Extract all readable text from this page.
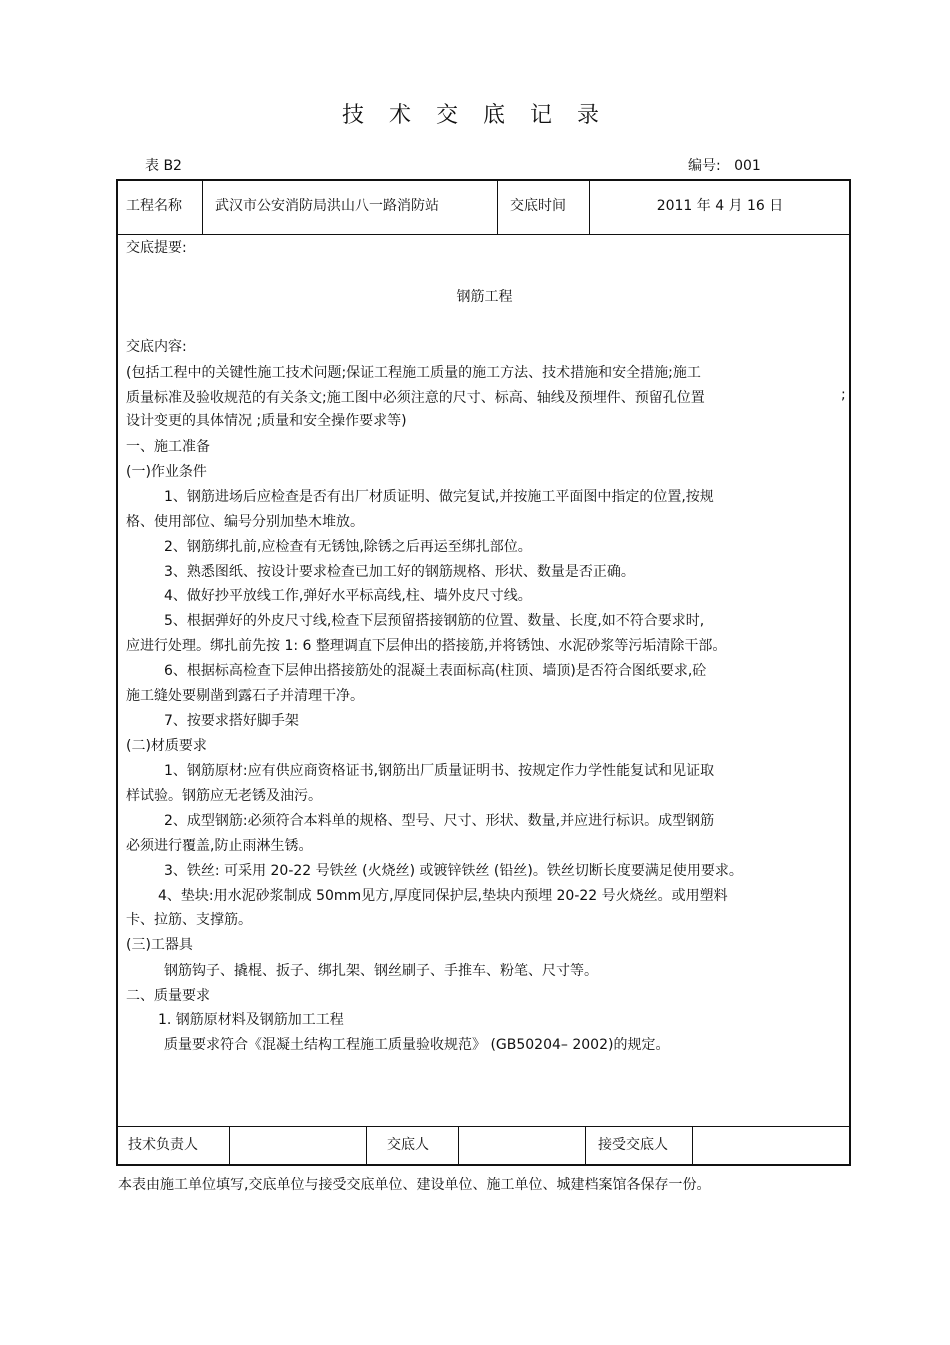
技 术 交 底 记 录
表 B2	编号: 001
工程名称 武汉市公安消防局洪山八一路消防站	交底时间	2011 年 4 月 16 日
交底提要:
钢筋工程
交底内容:
(包括工程中的关键性施工技术问题;保证工程施工质量的施工方法、技术措施和安全措施;施工
质量标准及验收规范的有关条文;施工图中必须注意的尺寸、标高、轴线及预埋件、预留孔位置	;
设计变更的具体情况 ;质量和安全操作要求等)
一、施工准备
(一)作业条件
1、钢筋进场后应检查是否有出厂材质证明、做完复试,并按施工平面图中指定的位置,按规
格、使用部位、编号分别加垫木堆放。
2、钢筋绑扎前,应检查有无锈蚀,除锈之后再运至绑扎部位。
3、熟悉图纸、按设计要求检查已加工好的钢筋规格、形状、数量是否正确。
4、做好抄平放线工作,弹好水平标高线,柱、墙外皮尺寸线。
5、根据弹好的外皮尺寸线,检查下层预留搭接钢筋的位置、数量、长度,如不符合要求时,
应进行处理。绑扎前先按 1: 6 整理调直下层伸出的搭接筋,并将锈蚀、水泥砂浆等污垢清除干部。
6、根据标高检查下层伸出搭接筋处的混凝土表面标高(柱顶、墙顶)是否符合图纸要求,砼
施工缝处要剔凿到露石子并清理干净。
7、按要求搭好脚手架
(二)材质要求
1、钢筋原材:应有供应商资格证书,钢筋出厂质量证明书、按规定作力学性能复试和见证取
样试验。钢筋应无老锈及油污。
2、成型钢筋:必须符合本料单的规格、型号、尺寸、形状、数量,并应进行标识。成型钢筋
必须进行覆盖,防止雨淋生锈。
3、铁丝: 可采用 20-22 号铁丝 (火烧丝) 或镀锌铁丝 (铅丝)。铁丝切断长度要满足使用要求。
4、垫块:用水泥砂浆制成 50mm见方,厚度同保护层,垫块内预埋 20-22 号火烧丝。或用塑料
卡、拉筋、支撑筋。
(三)工器具
钢筋钩子、撬棍、扳子、绑扎架、钢丝刷子、手推车、粉笔、尺寸等。
二、质量要求
1. 钢筋原材料及钢筋加工工程
质量要求符合《混凝土结构工程施工质量验收规范》 (GB50204– 2002)的规定。
技术负责人	交底人	接受交底人
本表由施工单位填写,交底单位与接受交底单位、建设单位、施工单位、城建档案馆各保存一份。
